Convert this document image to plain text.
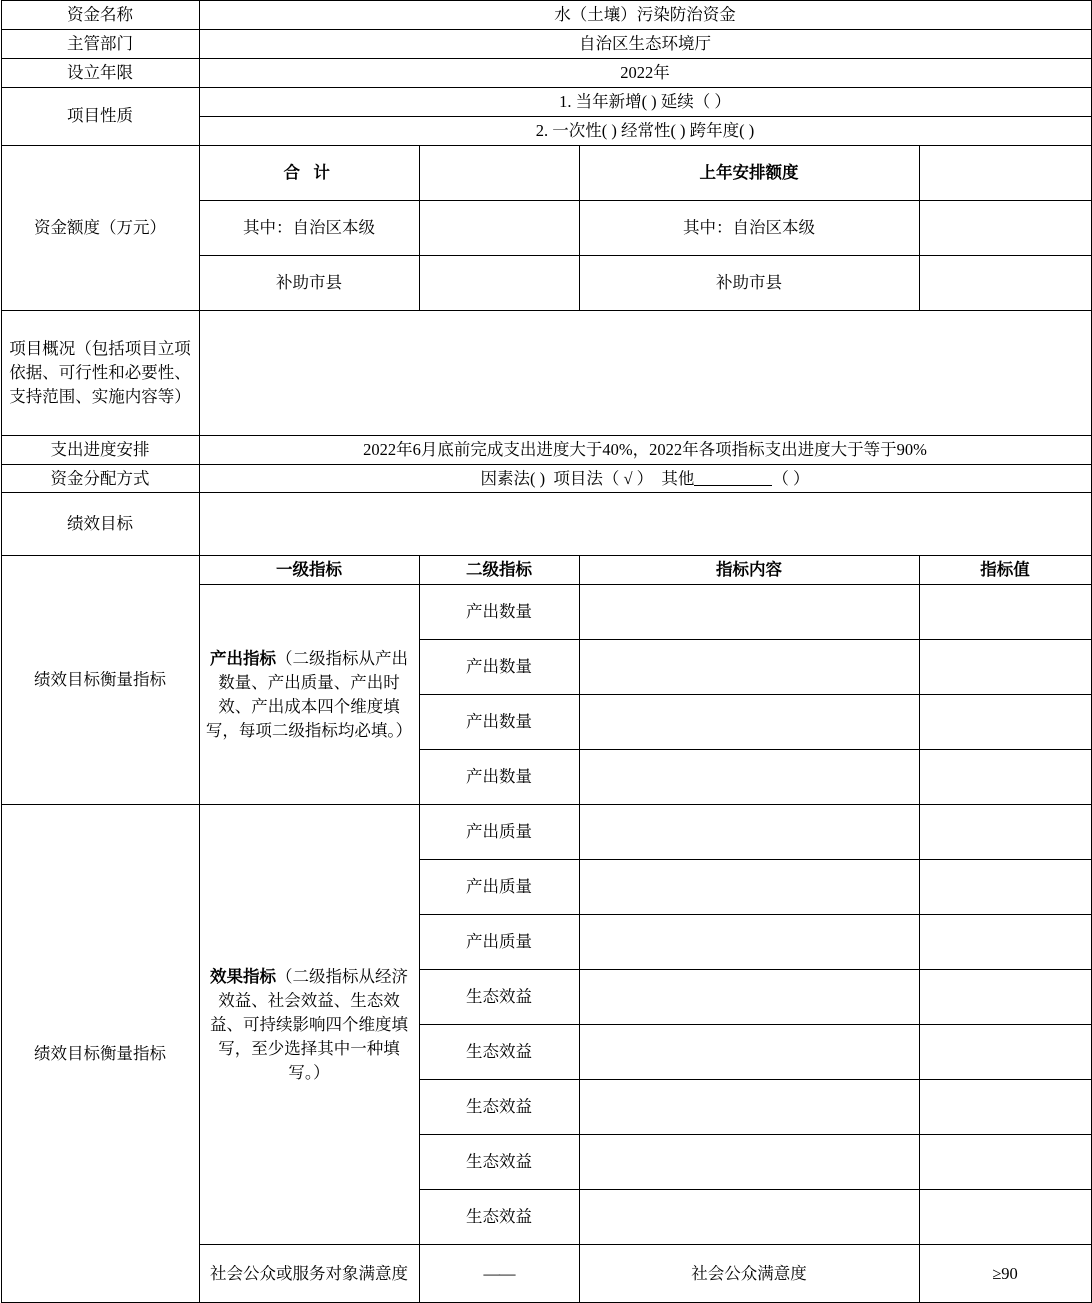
资金名称	水（土壤）污染防治资金			
主管部门	自治区生态环境厅			
设立年限	2022年			
项目性质	1. 当年新增( ) 延续（ ）			
	2. 一次性( ) 经常性( ) 跨年度( )			
资金额度（万元）	合 计		上年安排额度	
	其中：自治区本级		其中：自治区本级	
	补助市县		补助市县	
项目概况（包括项目立项依据、可行性和必要性、支持范围、实施内容等）				
支出进度安排	2022年6月底前完成支出进度大于40%，2022年各项指标支出进度大于等于90%			
资金分配方式	因素法( ) 项目法（ √ ） 其他 （ ）			
绩效目标				
绩效目标衡量指标	一级指标	二级指标	指标内容	指标值
	产出指标（二级指标从产出数量、产出质量、产出时效、产出成本四个维度填写，每项二级指标均必填。）	产出数量		
		产出数量		
		产出数量		
		产出数量		
绩效目标衡量指标	效果指标（二级指标从经济效益、社会效益、生态效益、可持续影响四个维度填写，至少选择其中一种填写。）	产出质量		
		产出质量		
		产出质量		
		生态效益		
		生态效益		
		生态效益		
		生态效益		
		生态效益		
	社会公众或服务对象满意度	——	社会公众满意度	≥90
